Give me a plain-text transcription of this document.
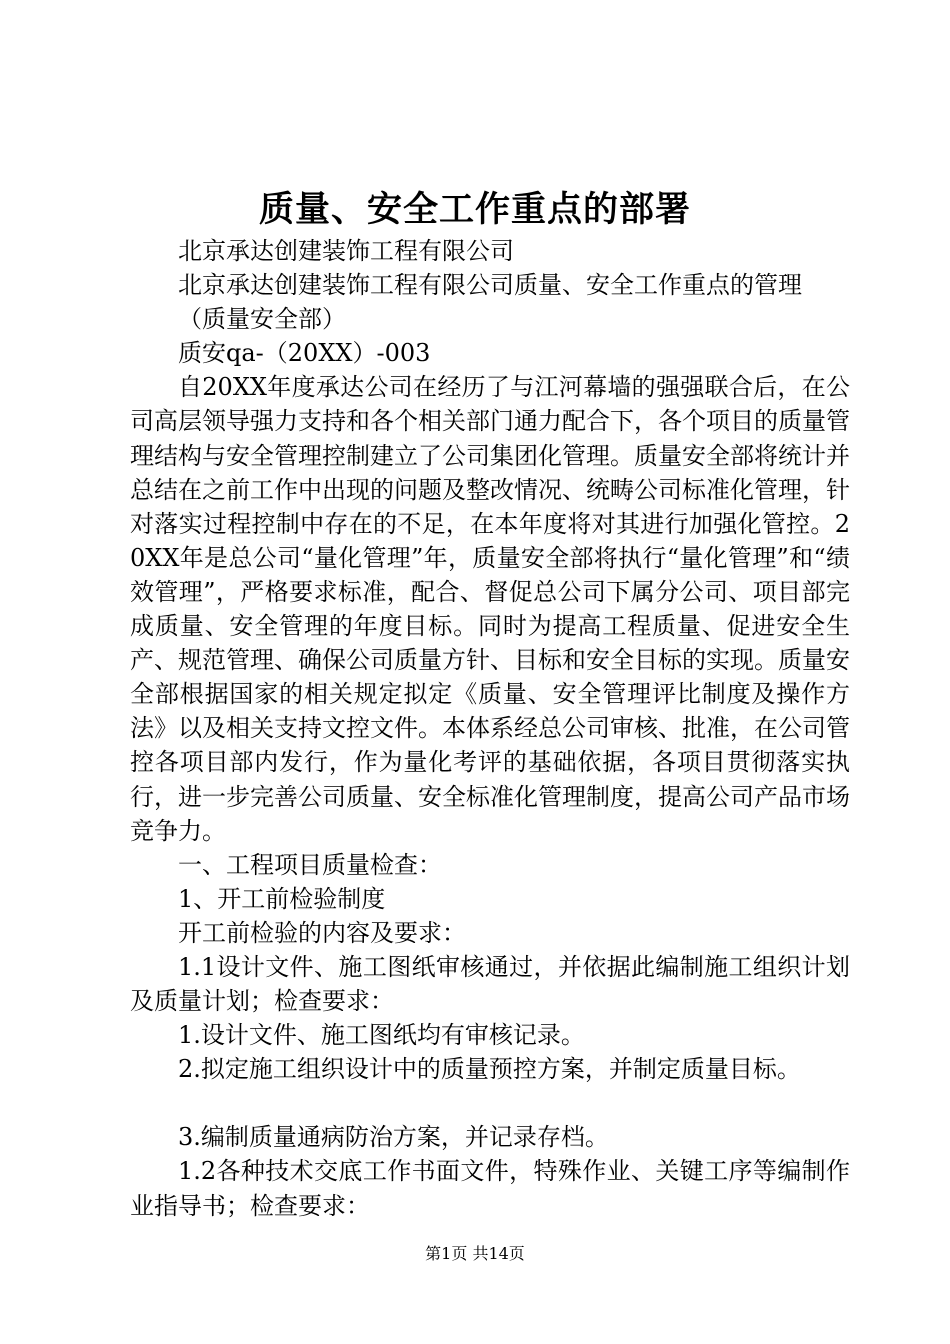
质量、安全工作重点的部署

北京承达创建装饰工程有限公司

北京承达创建装饰工程有限公司质量、安全工作重点的管理

（质量安全部）

质安qa-（20XX）-003

自20XX年度承达公司在经历了与江河幕墙的强强联合后，在公司高层领导强力支持和各个相关部门通力配合下，各个项目的质量管理结构与安全管理控制建立了公司集团化管理。质量安全部将统计并总结在之前工作中出现的问题及整改情况、统畴公司标准化管理，针对落实过程控制中存在的不足，在本年度将对其进行加强化管控。20XX年是总公司“量化管理”年，质量安全部将执行“量化管理”和“绩效管理”，严格要求标准，配合、督促总公司下属分公司、项目部完成质量、安全管理的年度目标。同时为提高工程质量、促进安全生产、规范管理、确保公司质量方针、目标和安全目标的实现。质量安全部根据国家的相关规定拟定《质量、安全管理评比制度及操作方法》以及相关支持文控文件。本体系经总公司审核、批准，在公司管控各项目部内发行，作为量化考评的基础依据，各项目贯彻落实执行，进一步完善公司质量、安全标准化管理制度，提高公司产品市场竞争力。

一、工程项目质量检查：

1、开工前检验制度

开工前检验的内容及要求：

1.1设计文件、施工图纸审核通过，并依据此编制施工组织计划及质量计划；检查要求：

1.设计文件、施工图纸均有审核记录。

2.拟定施工组织设计中的质量预控方案，并制定质量目标。

3.编制质量通病防治方案，并记录存档。

1.2各种技术交底工作书面文件，特殊作业、关键工序等编制作业指导书；检查要求：

第1页 共14页
